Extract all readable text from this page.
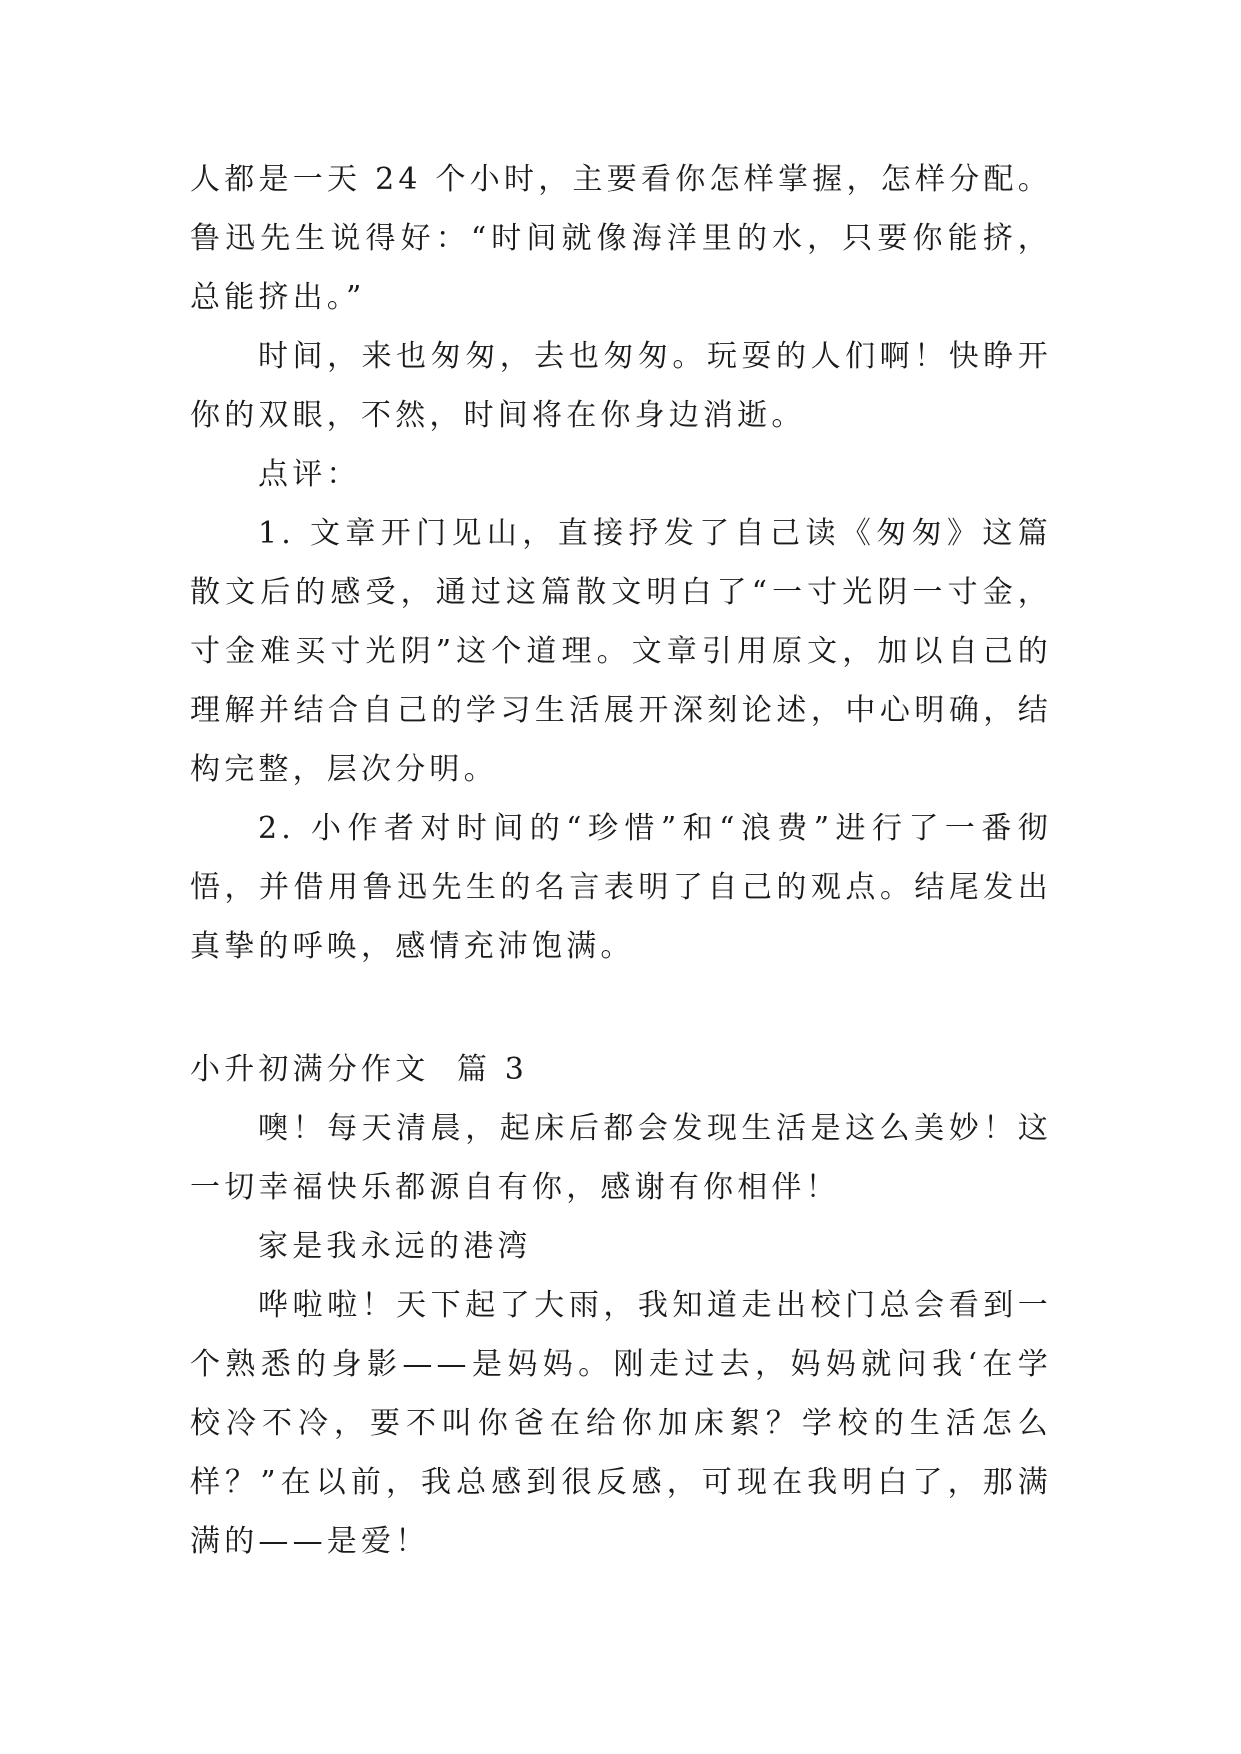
人都是一天 24 个小时，主要看你怎样掌握，怎样分配。鲁迅先生说得好：“时间就像海洋里的水，只要你能挤，总能挤出。”

时间，来也匆匆，去也匆匆。玩耍的人们啊！快睁开你的双眼，不然，时间将在你身边消逝。

点评：

1. 文章开门见山，直接抒发了自己读《匆匆》这篇散文后的感受，通过这篇散文明白了“一寸光阴一寸金，寸金难买寸光阴”这个道理。文章引用原文，加以自己的理解并结合自己的学习生活展开深刻论述，中心明确，结构完整，层次分明。

2. 小作者对时间的“珍惜”和“浪费”进行了一番彻悟，并借用鲁迅先生的名言表明了自己的观点。结尾发出真挚的呼唤，感情充沛饱满。

小升初满分作文  篇 3

噢！每天清晨，起床后都会发现生活是这么美妙！这一切幸福快乐都源自有你，感谢有你相伴！

家是我永远的港湾

哗啦啦！天下起了大雨，我知道走出校门总会看到一个熟悉的身影——是妈妈。刚走过去，妈妈就问我‘在学校冷不冷，要不叫你爸在给你加床絮？学校的生活怎么样？”在以前，我总感到很反感，可现在我明白了，那满满的——是爱！
